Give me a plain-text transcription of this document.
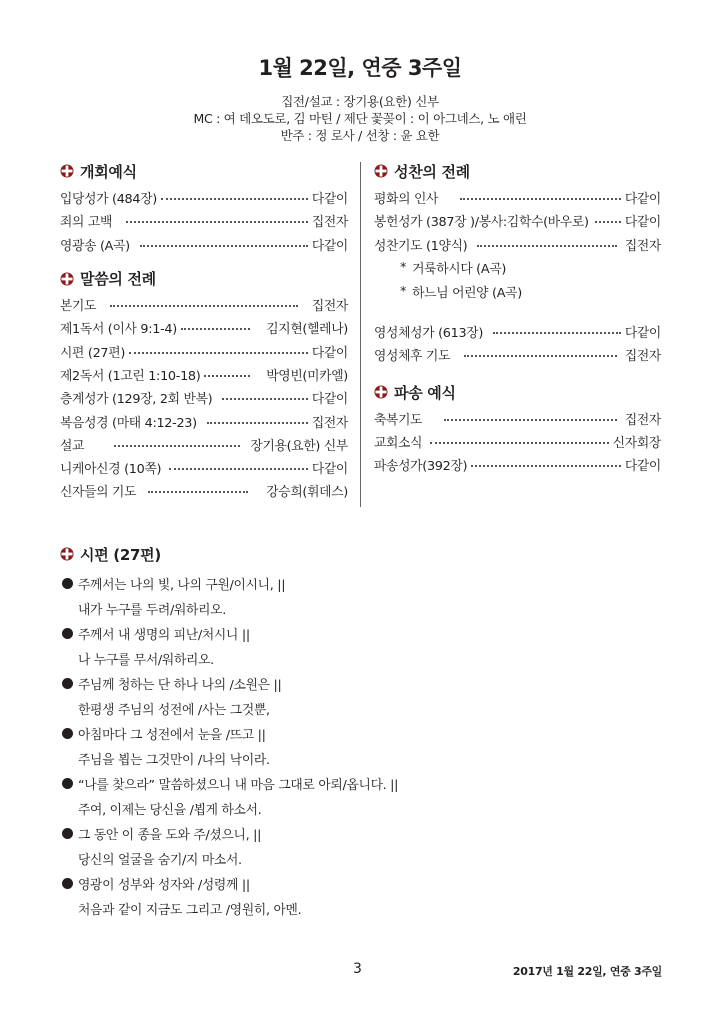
1월 22일, 연중 3주일
집전/설교 : 장기용(요한) 신부
MC : 여 데오도로, 김 마틴 / 제단 꽃꽂이 : 이 아그네스, 노 애린
반주 : 정 로사 / 선창 : 윤 요한
개회예식
입당성가 (484장)	다같이
죄의 고백	집전자
영광송 (A곡)	다같이
말씀의 전례
본기도	집전자
제1독서 (이사 9:1-4)	김지현(헬레나)
시편 (27편)	다같이
제2독서 (1고린 1:10-18)	박영빈(미카엘)
층계성가 (129장, 2회 반복)	다같이
복음성경 (마태 4:12-23)	집전자
설교	장기용(요한) 신부
니케아신경 (10쪽)	다같이
신자들의 기도	강승희(휘데스)
성찬의 전례
평화의 인사	다같이
봉헌성가 (387장 )/봉사:김학수(바우로)	다같이
성찬기도 (1양식)	집전자
* 거룩하시다 (A곡)
* 하느님 어린양 (A곡)
영성체성가 (613장)	다같이
영성체후 기도	집전자
파송 예식
축복기도	집전자
교회소식	신자회장
파송성가(392장)	다같이
시편 (27편)
주께서는 나의 빛, 나의 구원/이시니, ||
내가 누구를 두려/워하리오.
주께서 내 생명의 피난/처시니 ||
나 누구를 무서/워하리오.
주님께 청하는 단 하나 나의 /소원은 ||
한평생 주님의 성전에 /사는 그것뿐,
아침마다 그 성전에서 눈을 /뜨고 ||
주님을 뵙는 그것만이 /나의 낙이라.
“나를 찾으라” 말씀하셨으니 내 마음 그대로 아뢰/옵니다. ||
주여, 이제는 당신을 /뵙게 하소서.
그 동안 이 종을 도와 주/셨으니, ||
당신의 얼굴을 숨기/지 마소서.
영광이 성부와 성자와 /성령께 ||
처음과 같이 지금도 그리고 /영원히, 아멘.
3	2017년 1월 22일, 연중 3주일
